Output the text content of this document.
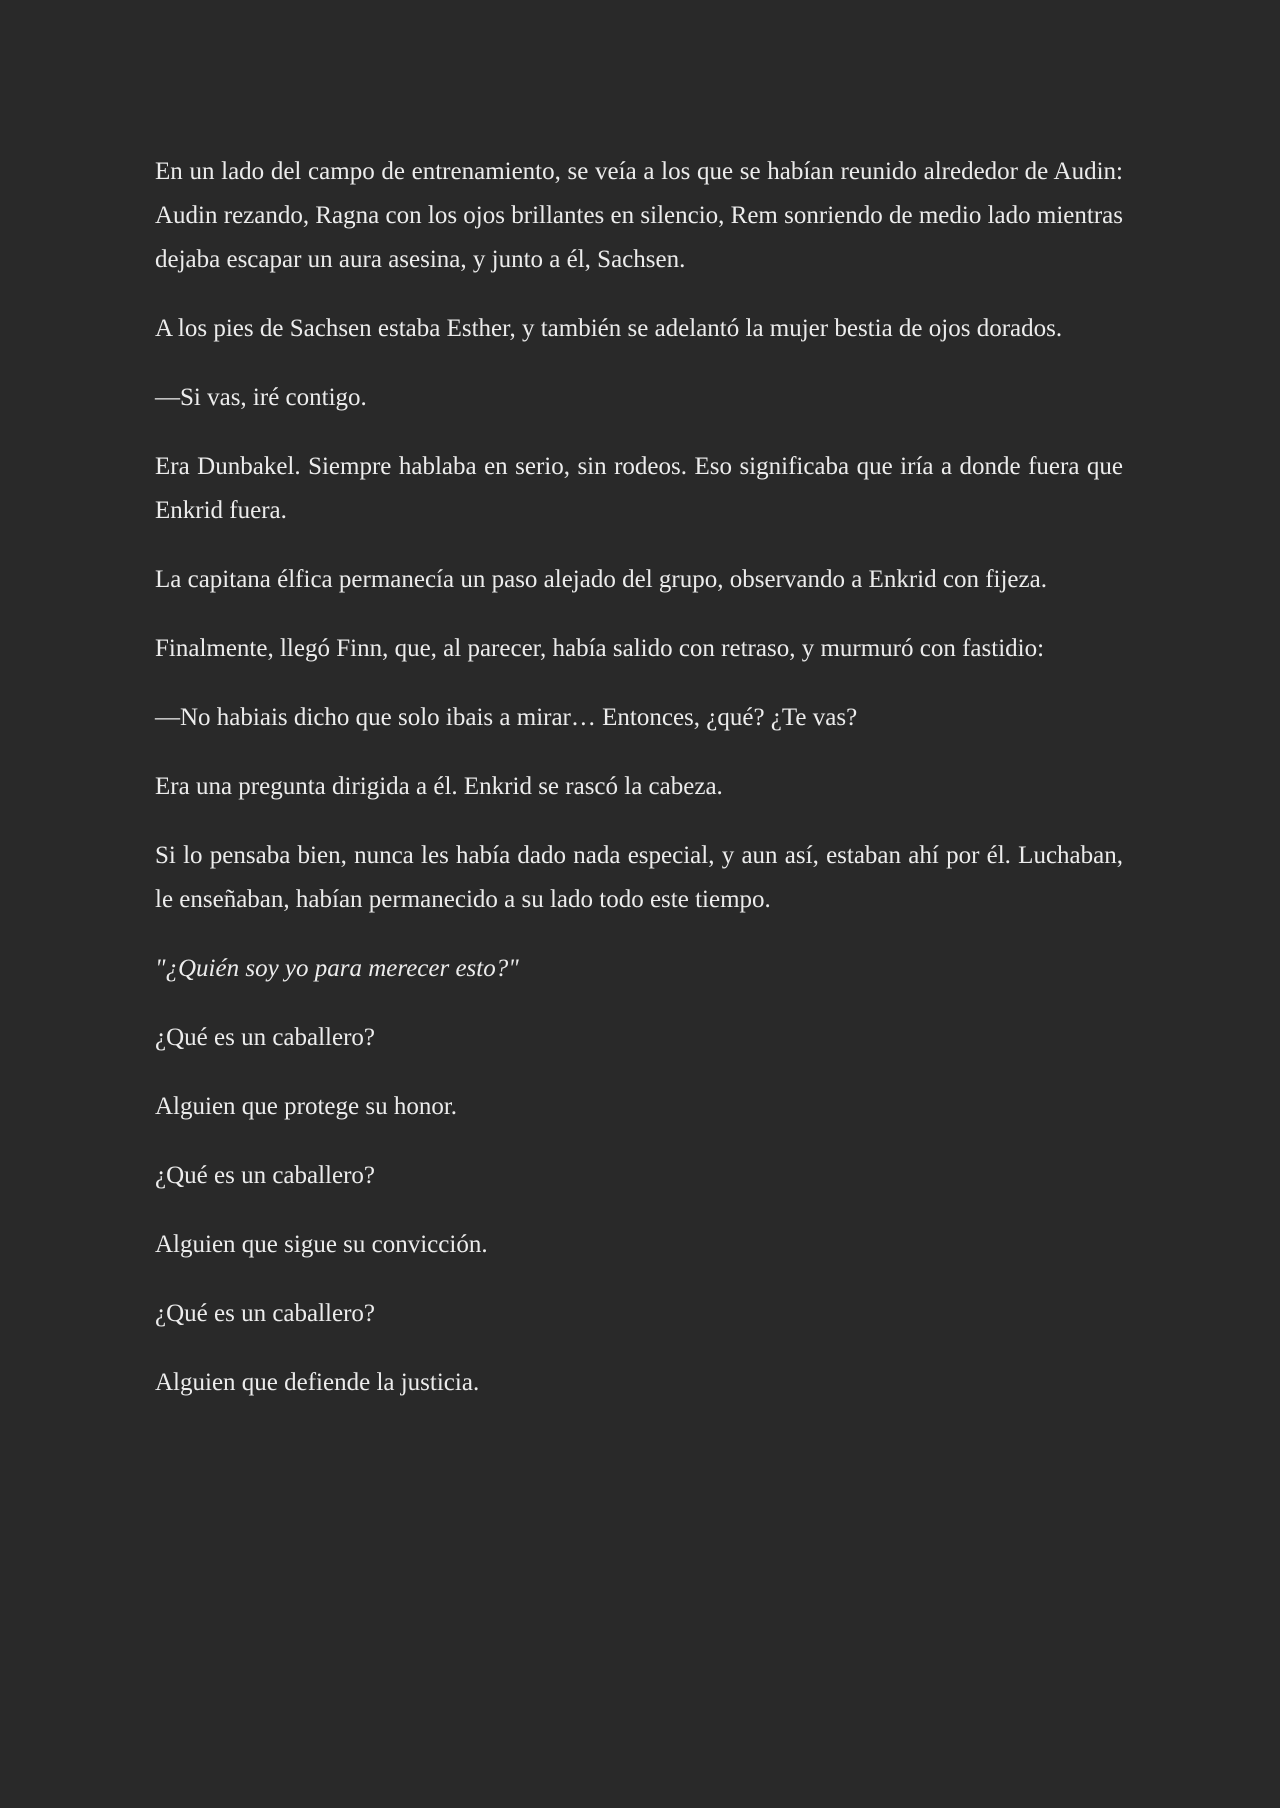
En un lado del campo de entrenamiento, se veía a los que se habían reunido alrededor de Audin: Audin rezando, Ragna con los ojos brillantes en silencio, Rem sonriendo de medio lado mientras dejaba escapar un aura asesina, y junto a él, Sachsen.

A los pies de Sachsen estaba Esther, y también se adelantó la mujer bestia de ojos dorados.

—Si vas, iré contigo.

Era Dunbakel. Siempre hablaba en serio, sin rodeos. Eso significaba que iría a donde fuera que Enkrid fuera.

La capitana élfica permanecía un paso alejado del grupo, observando a Enkrid con fijeza.

Finalmente, llegó Finn, que, al parecer, había salido con retraso, y murmuró con fastidio:

—No habiais dicho que solo ibais a mirar… Entonces, ¿qué? ¿Te vas?

Era una pregunta dirigida a él. Enkrid se rascó la cabeza.

Si lo pensaba bien, nunca les había dado nada especial, y aun así, estaban ahí por él. Luchaban, le enseñaban, habían permanecido a su lado todo este tiempo.

"¿Quién soy yo para merecer esto?"

¿Qué es un caballero?

Alguien que protege su honor.

¿Qué es un caballero?

Alguien que sigue su convicción.

¿Qué es un caballero?

Alguien que defiende la justicia.
